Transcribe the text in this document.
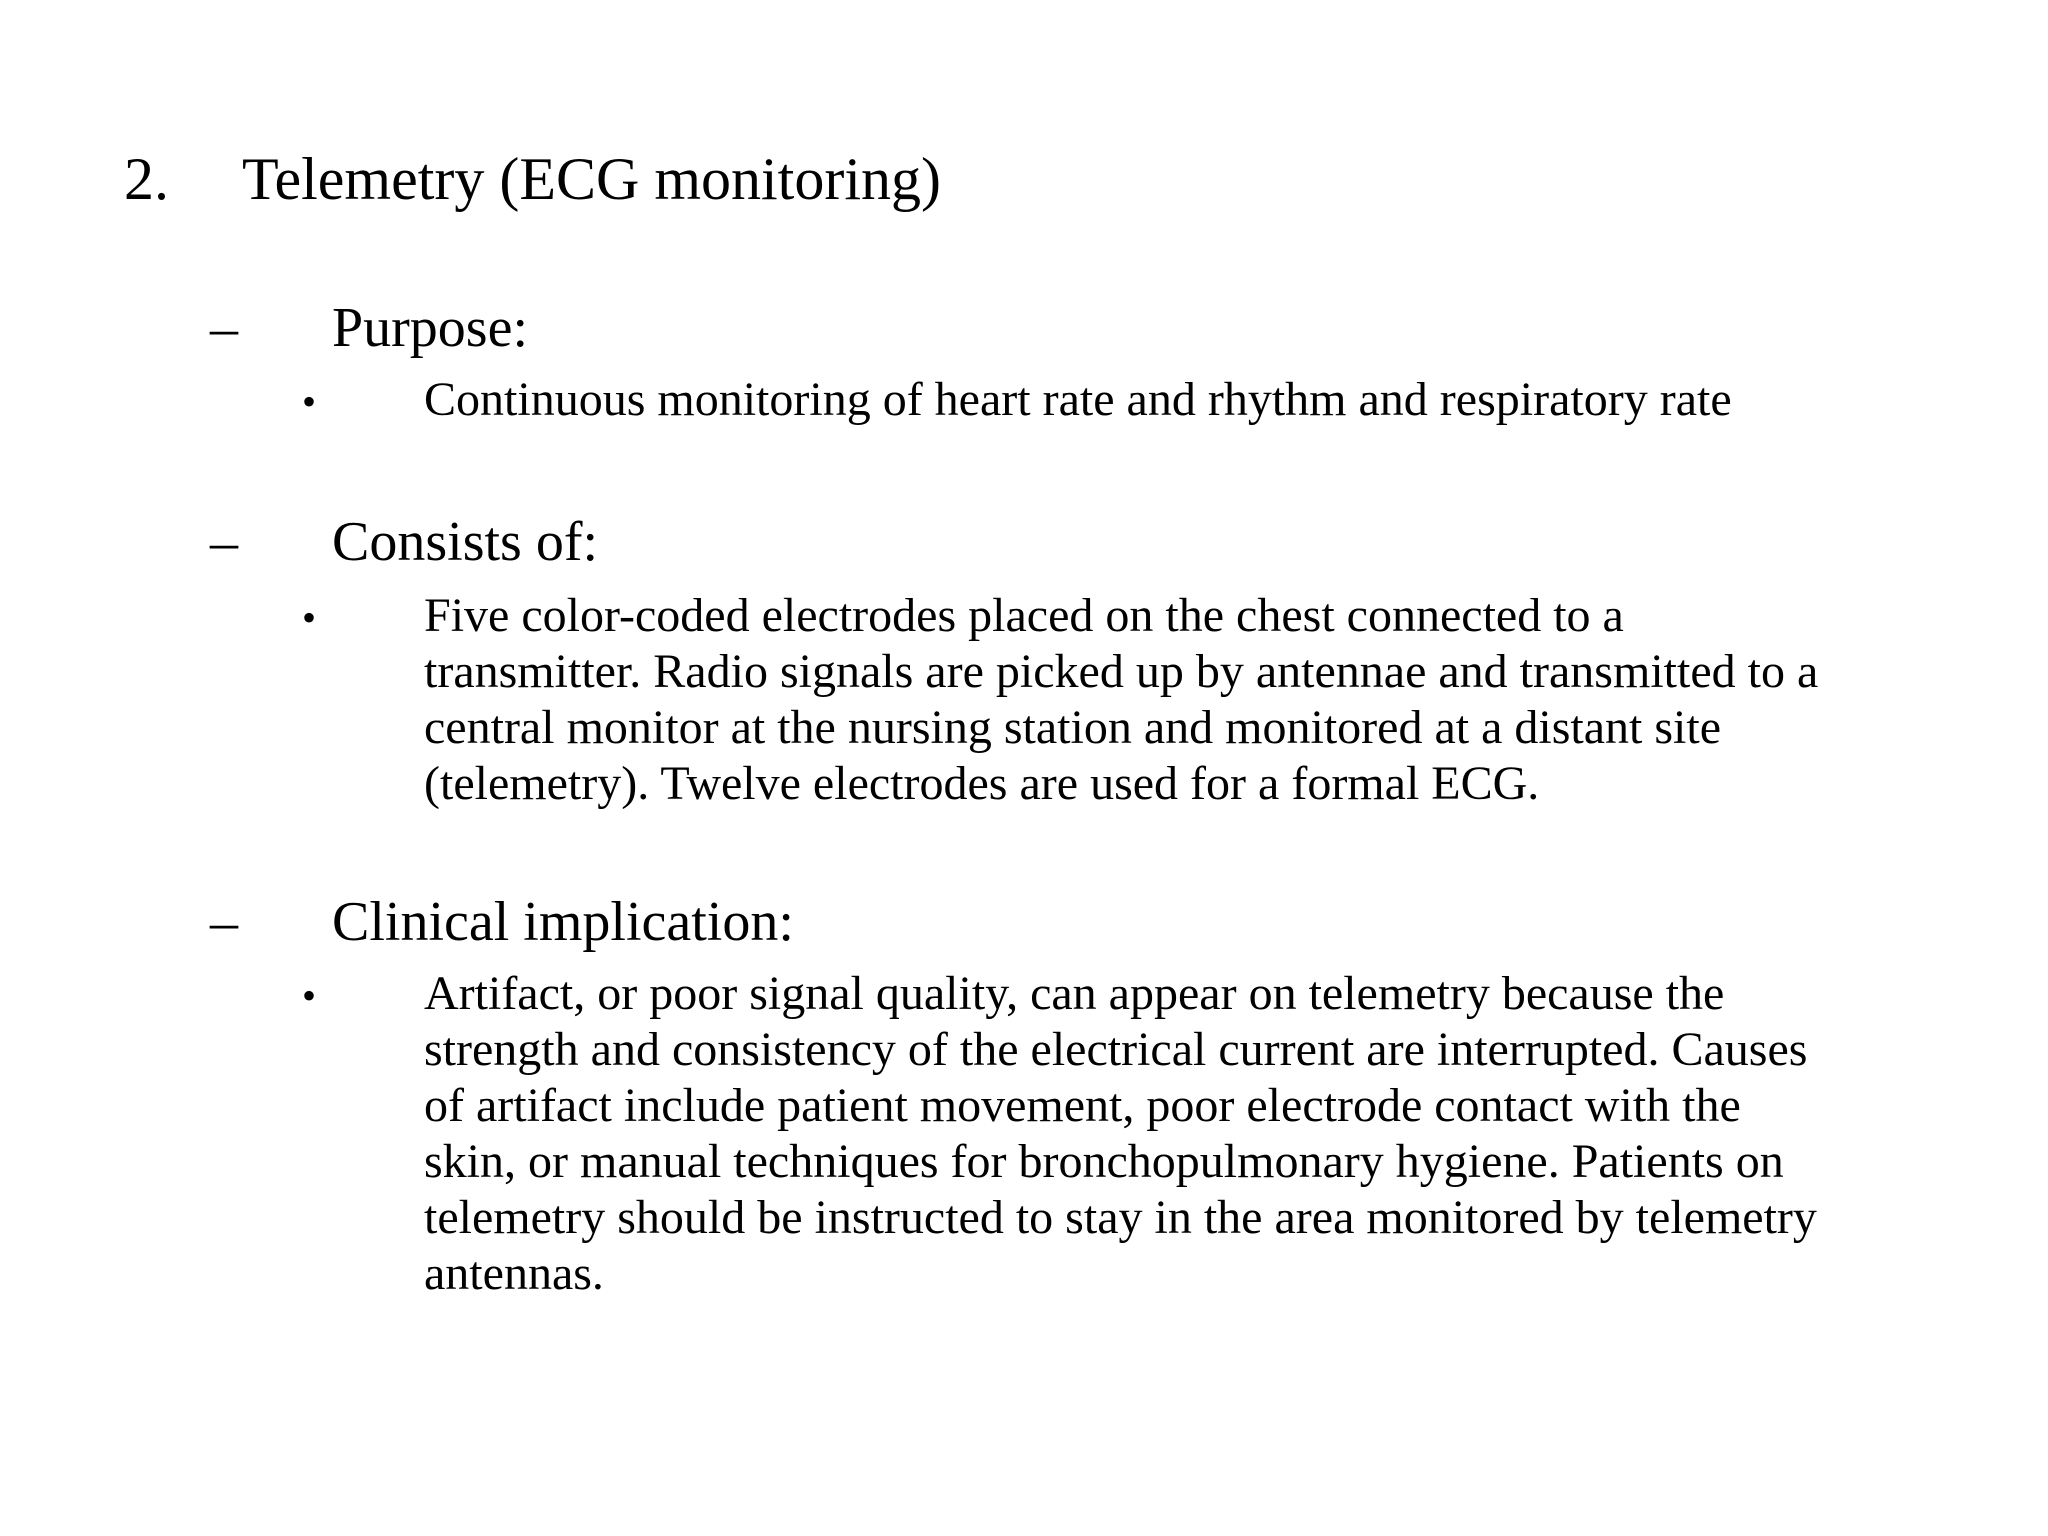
2. Telemetry (ECG monitoring)
– Purpose:
• Continuous monitoring of heart rate and rhythm and respiratory rate
– Consists of:
• Five color-coded electrodes placed on the chest connected to a
transmitter. Radio signals are picked up by antennae and transmitted to a
central monitor at the nursing station and monitored at a distant site
(telemetry). Twelve electrodes are used for a formal ECG.
– Clinical implication:
• Artifact, or poor signal quality, can appear on telemetry because the
strength and consistency of the electrical current are interrupted. Causes
of artifact include patient movement, poor electrode contact with the
skin, or manual techniques for bronchopulmonary hygiene. Patients on
telemetry should be instructed to stay in the area monitored by telemetry
antennas.
